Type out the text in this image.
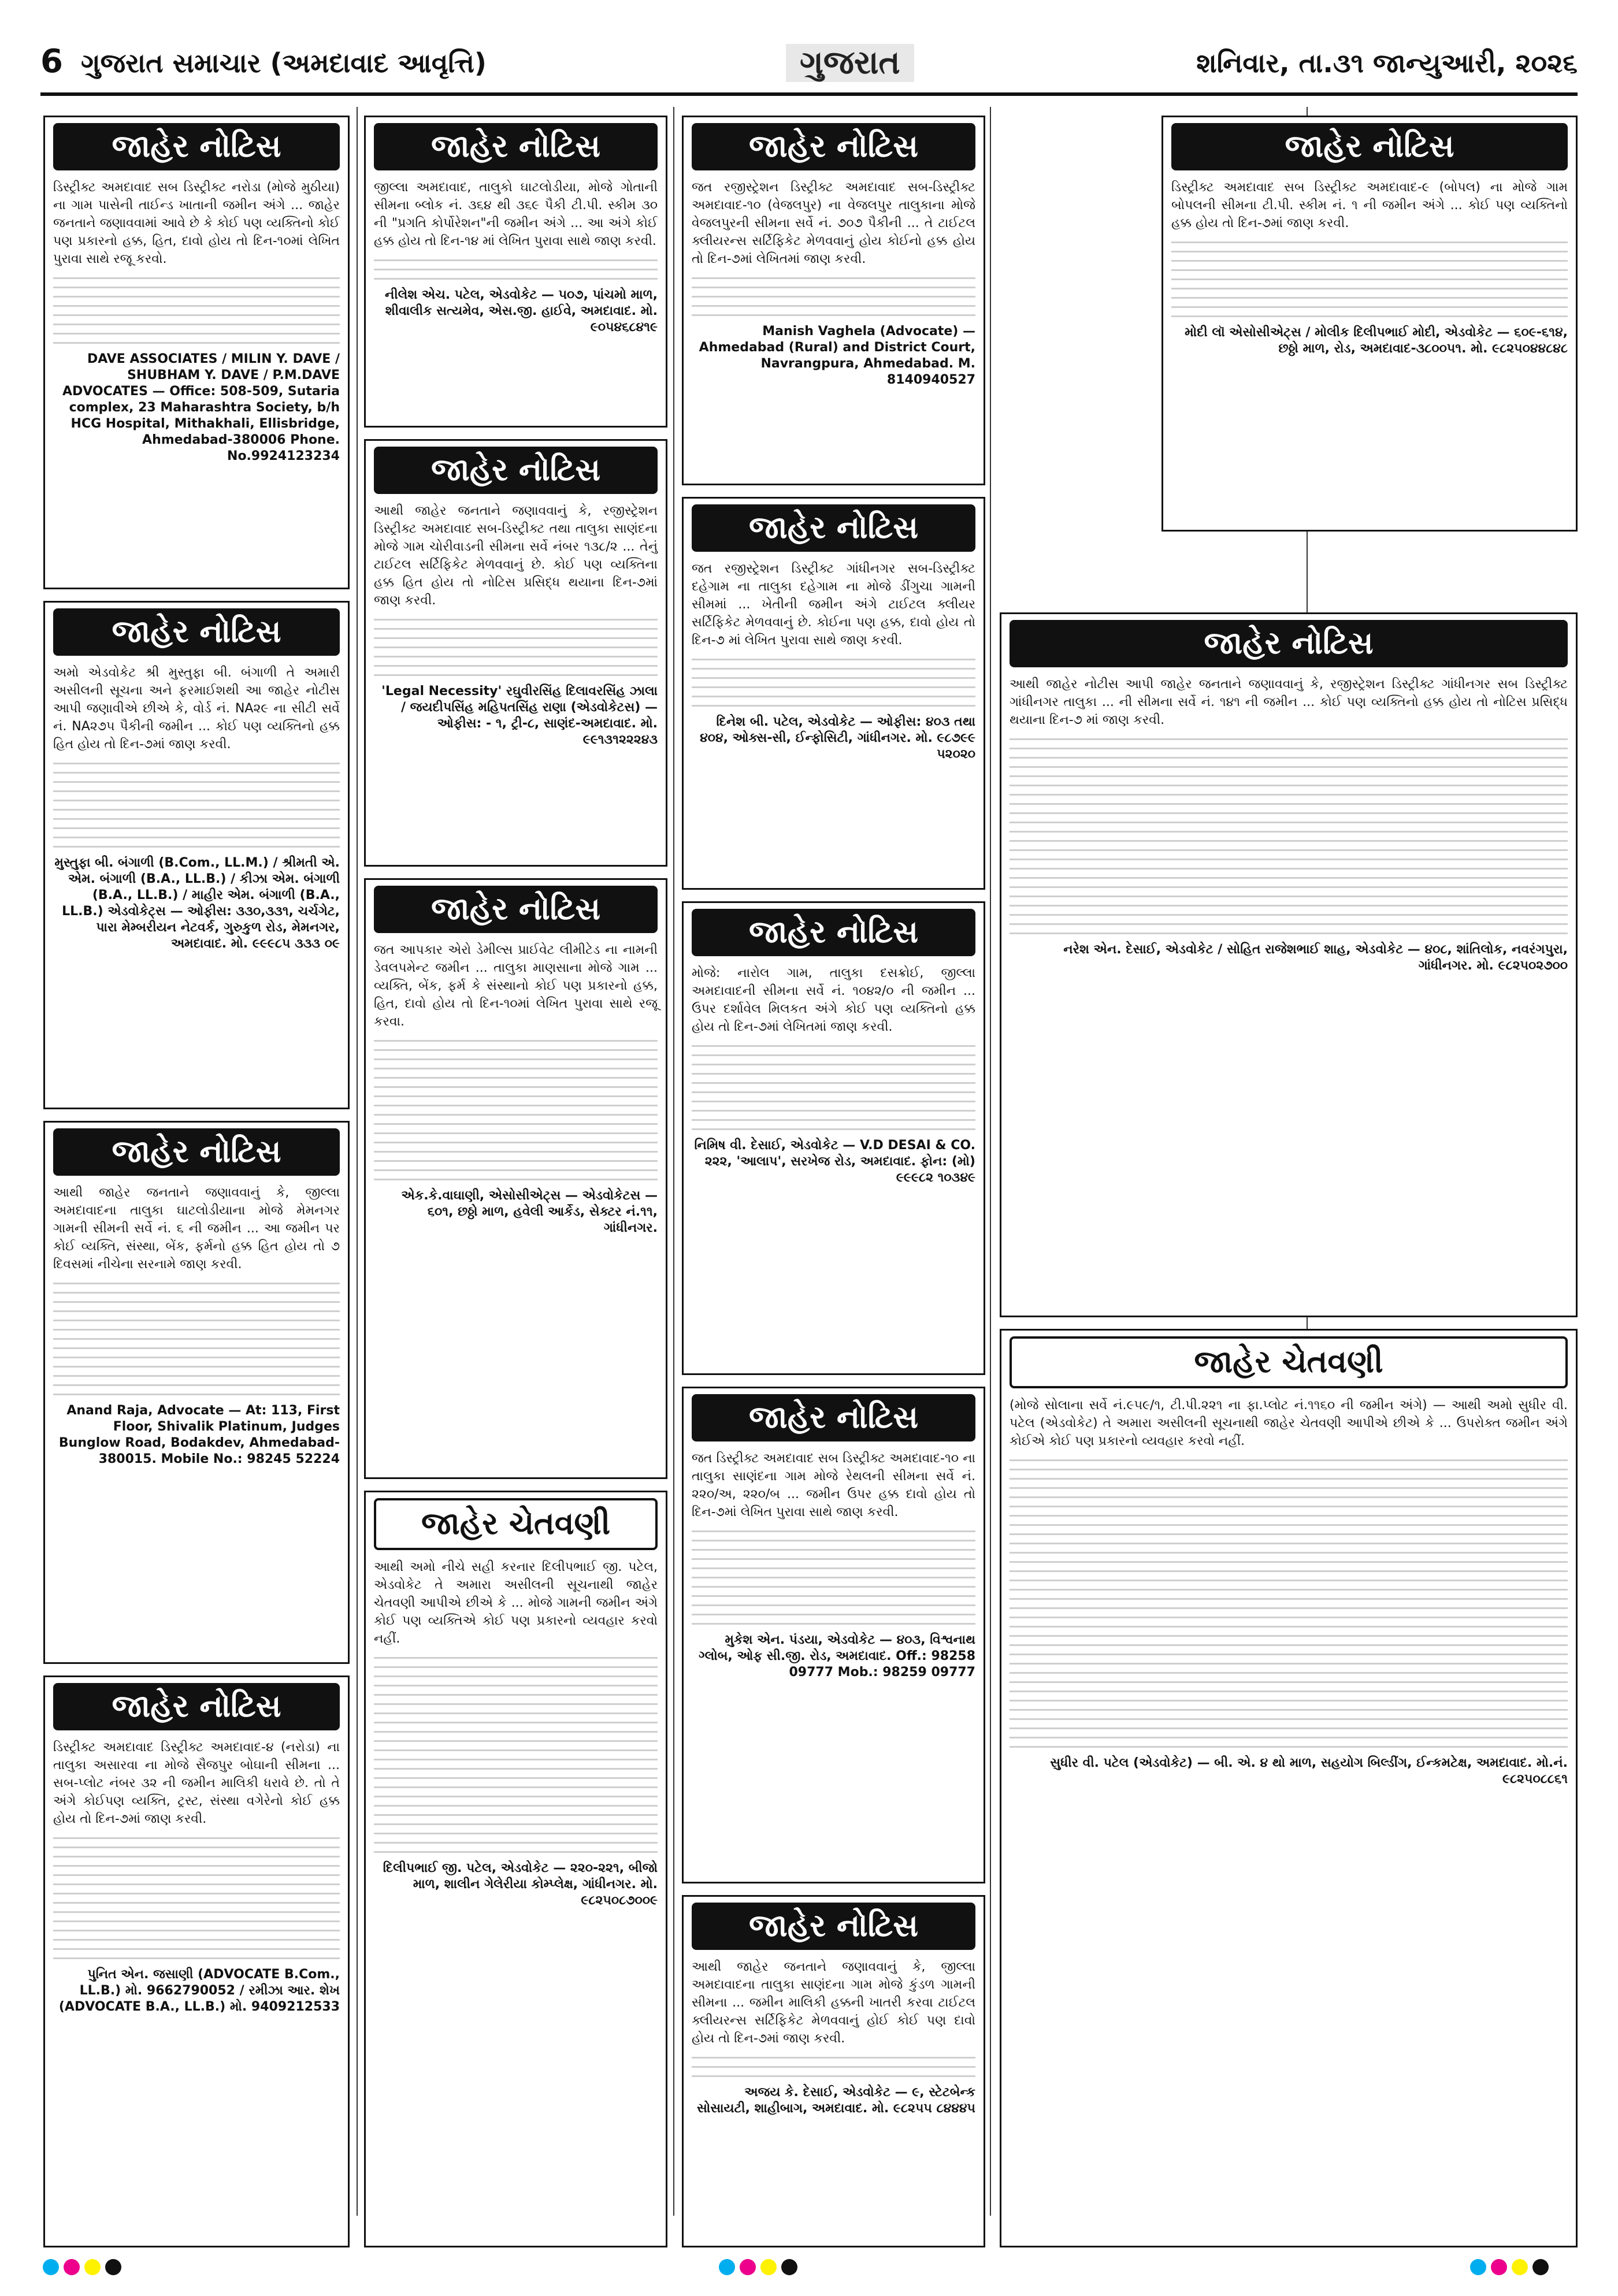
6 ગુજરાત સમાચાર (અમદાવાદ આવૃત્તિ)	ગુજરાત	શનિવાર, તા.૩૧ જાન્યુઆરી, ૨૦૨૬
જાહેર નોટિસ
ડિસ્ટ્રીક્ટ અમદાવાદ સબ ડિસ્ટ્રીક્ટ નરોડા (મોજે મુઠીયા) ના ગામ પાસેની તાઈન્ડ ખાતાની જમીન અંગે ... જાહેર જનતાને જણાવવામાં આવે છે કે કોઈ પણ વ્યક્તિનો કોઈ પણ પ્રકારનો હક્ક, હિત, દાવો હોય તો દિન-૧૦માં લેખિત પુરાવા સાથે રજૂ કરવો.
DAVE ASSOCIATES / MILIN Y. DAVE / SHUBHAM Y. DAVE / P.M.DAVE ADVOCATES — Office: 508-509, Sutaria complex, 23 Maharashtra Society, b/h HCG Hospital, Mithakhali, Ellisbridge, Ahmedabad-380006 Phone. No.9924123234
જાહેર નોટિસ
અમો એડવોકેટ શ્રી મુસ્તુફા બી. બંગાળી તે અમારી અસીલની સૂચના અને ફરમાઈશથી આ જાહેર નોટીસ આપી જણાવીએ છીએ કે, વોર્ડ નં. NA૨૯ ના સીટી સર્વે નં. NA૨૭૫ પૈકીની જમીન ... કોઈ પણ વ્યક્તિનો હક્ક હિત હોય તો દિન-૭માં જાણ કરવી.
મુસ્તુફા બી. બંગાળી (B.Com., LL.M.) / શ્રીમતી એ. એમ. બંગાળી (B.A., LL.B.) / કીઝા એમ. બંગાળી (B.A., LL.B.) / માહીર એમ. બંગાળી (B.A., LL.B.) એડવોકેટ્સ — ઓફીસ: ૩૩૦,૩૩૧, ચર્ચગેટ, પારા મેમ્બરીયન નેટવર્ક, ગુરુકુળ રોડ, મેમનગર, અમદાવાદ. મો. ૯૯૯૮૫ ૩૩૩ ૦૯
જાહેર નોટિસ
આથી જાહેર જનતાને જણાવવાનું કે, જીલ્લા અમદાવાદના તાલુકા ઘાટલોડીયાના મોજે મેમનગર ગામની સીમની સર્વે નં. ૬ ની જમીન ... આ જમીન પર કોઈ વ્યક્તિ, સંસ્થા, બેંક, ફર્મનો હક્ક હિત હોય તો ૭ દિવસમાં નીચેના સરનામે જાણ કરવી.
Anand Raja, Advocate — At: 113, First Floor, Shivalik Platinum, Judges Bunglow Road, Bodakdev, Ahmedabad-380015. Mobile No.: 98245 52224
જાહેર નોટિસ
ડિસ્ટ્રીક્ટ અમદાવાદ ડિસ્ટ્રીક્ટ અમદાવાદ-૪ (નરોડા) ના તાલુકા અસારવા ના મોજે સૈજપુર બોઘાની સીમના ... સબ-પ્લોટ નંબર ૩૨ ની જમીન માલિકી ધરાવે છે. તો તે અંગે કોઈપણ વ્યક્તિ, ટ્રસ્ટ, સંસ્થા વગેરેનો કોઈ હક્ક હોય તો દિન-૭માં જાણ કરવી.
પુનિત એન. જસાણી (ADVOCATE B.Com., LL.B.) મો. 9662790052 / રમીઝા આર. શેખ (ADVOCATE B.A., LL.B.) મો. 9409212533
જાહેર નોટિસ
જીલ્લા અમદાવાદ, તાલુકો ઘાટલોડીયા, મોજે ગોતાની સીમના બ્લોક નં. ૩૬૪ થી ૩૬૯ પૈકી ટી.પી. સ્કીમ ૩૦ ની "પ્રગતિ કોર્પોરેશન"ની જમીન અંગે ... આ અંગે કોઈ હક્ક હોય તો દિન-૧૪ માં લેખિત પુરાવા સાથે જાણ કરવી.
નીલેશ એચ. પટેલ, એડવોકેટ — ૫૦૭, પાંચમો માળ, શીવાલીક સત્યમેવ, એસ.જી. હાઈવે, અમદાવાદ. મો. ૯૦૫૪૬૮૪૧૯
જાહેર નોટિસ
આથી જાહેર જનતાને જણાવવાનું કે, રજીસ્ટ્રેશન ડિસ્ટ્રીક્ટ અમદાવાદ સબ-ડિસ્ટ્રીક્ટ તથા તાલુકા સાણંદના મોજે ગામ ચોરીવાડની સીમના સર્વે નંબર ૧૩૮/૨ ... તેનું ટાઈટલ સર્ટિફિકેટ મેળવવાનું છે. કોઈ પણ વ્યક્તિના હક્ક હિત હોય તો નોટિસ પ્રસિદ્ધ થયાના દિન-૭માં જાણ કરવી.
'Legal Necessity' રઘુવીરસિંહ દિલાવરસિંહ ઝાલા / જયદીપસિંહ મહિપતસિંહ રાણા (એડવોકેટસ) — ઓફીસ: - ૧, ટ્રી-૮, સાણંદ-અમદાવાદ. મો. ૯૯૧૩૧૨૨૨૪૩
જાહેર નોટિસ
જત આપકાર એરો ડેમીલ્સ પ્રાઈવેટ લીમીટેડ ના નામની ડેવલપમેન્ટ જમીન ... તાલુકા માણસાના મોજે ગામ ... વ્યક્તિ, બેંક, ફર્મ કે સંસ્થાનો કોઈ પણ પ્રકારનો હક્ક, હિત, દાવો હોય તો દિન-૧૦માં લેખિત પુરાવા સાથે રજૂ કરવા.
એક.કે.વાઘાણી, એસોસીએટ્સ — એડવોકેટસ — ૬૦૧, છઠ્ઠો માળ, હવેલી આર્કેડ, સેક્ટર નં.૧૧, ગાંધીનગર.
જાહેર ચેતવણી
આથી અમો નીચે સહી કરનાર દિલીપભાઈ જી. પટેલ, એડવોકેટ તે અમારા અસીલની સૂચનાથી જાહેર ચેતવણી આપીએ છીએ કે ... મોજે ગામની જમીન અંગે કોઈ પણ વ્યક્તિએ કોઈ પણ પ્રકારનો વ્યવહાર કરવો નહીં.
દિલીપભાઈ જી. પટેલ, એડવોકેટ — ૨૨૦-૨૨૧, બીજો માળ, શાલીન ગેલેરીયા કોમ્પ્લેક્ષ, ગાંધીનગર. મો. ૯૮૨૫૦૮૭૦૦૯
જાહેર નોટિસ
જત રજીસ્ટ્રેશન ડિસ્ટ્રીક્ટ અમદાવાદ સબ-ડિસ્ટ્રીક્ટ અમદાવાદ-૧૦ (વેજલપુર) ના વેજલપુર તાલુકાના મોજે વેજલપુરની સીમના સર્વે નં. ૭૦૭ પૈકીની ... તે ટાઈટલ ક્લીયરન્સ સર્ટિફિકેટ મેળવવાનું હોય કોઈનો હક્ક હોય તો દિન-૭માં લેખિતમાં જાણ કરવી.
Manish Vaghela (Advocate) — Ahmedabad (Rural) and District Court, Navrangpura, Ahmedabad. M. 8140940527
જાહેર નોટિસ
જત રજીસ્ટ્રેશન ડિસ્ટ્રીક્ટ ગાંધીનગર સબ-ડિસ્ટ્રીક્ટ દહેગામ ના તાલુકા દહેગામ ના મોજે ડીંગુચા ગામની સીમમાં ... ખેતીની જમીન અંગે ટાઈટલ ક્લીયર સર્ટિફિકેટ મેળવવાનું છે. કોઈના પણ હક્ક, દાવો હોય તો દિન-૭ માં લેખિત પુરાવા સાથે જાણ કરવી.
દિનેશ બી. પટેલ, એડવોકેટ — ઓફીસ: ૪૦૩ તથા ૪૦૪, ઓક્સ-સી, ઈન્ફોસિટી, ગાંધીનગર. મો. ૯૮૭૯૯ ૫૨૦૨૦
જાહેર નોટિસ
મોજે: નારોલ ગામ, તાલુકા દસક્રોઈ, જીલ્લા અમદાવાદની સીમના સર્વે નં. ૧૦૪૨/૦ ની જમીન ... ઉપર દર્શાવેલ મિલકત અંગે કોઈ પણ વ્યક્તિનો હક્ક હોય તો દિન-૭માં લેખિતમાં જાણ કરવી.
નિમિષ વી. દેસાઈ, એડવોકેટ — V.D DESAI & CO. ૨૨૨, 'આલાપ', સરખેજ રોડ, અમદાવાદ. ફોન: (મો) ૯૯૯૮૨ ૧૦૩૪૯
જાહેર નોટિસ
જત ડિસ્ટ્રીક્ટ અમદાવાદ સબ ડિસ્ટ્રીક્ટ અમદાવાદ-૧૦ ના તાલુકા સાણંદના ગામ મોજે રેથલની સીમના સર્વે નં. ૨૨૦/અ, ૨૨૦/બ ... જમીન ઉપર હક્ક દાવો હોય તો દિન-૭માં લેખિત પુરાવા સાથે જાણ કરવી.
મુકેશ એન. પંડયા, એડવોકેટ — ૪૦૩, વિશ્વનાથ ગ્લોબ, ઓફ સી.જી. રોડ, અમદાવાદ. Off.: 98258 09777 Mob.: 98259 09777
જાહેર નોટિસ
આથી જાહેર જનતાને જણાવવાનું કે, જીલ્લા અમદાવાદના તાલુકા સાણંદના ગામ મોજે કુંડળ ગામની સીમના ... જમીન માલિકી હક્કની ખાતરી કરવા ટાઈટલ ક્લીયરન્સ સર્ટિફિકેટ મેળવવાનું હોઈ કોઈ પણ દાવો હોય તો દિન-૭માં જાણ કરવી.
અજય કે. દેસાઈ, એડવોકેટ — ૯, સ્ટેટબેન્ક સોસાયટી, શાહીબાગ, અમદાવાદ. મો. ૯૮૨૫૫ ૮૪૪૪૫
જાહેર નોટિસ
ડિસ્ટ્રીક્ટ અમદાવાદ સબ ડિસ્ટ્રીક્ટ અમદાવાદ-૯ (બોપલ) ના મોજે ગામ બોપલની સીમના ટી.પી. સ્કીમ નં. ૧ ની જમીન અંગે ... કોઈ પણ વ્યક્તિનો હક્ક હોય તો દિન-૭માં જાણ કરવી.
મોદી લૉ એસોસીએટ્સ / મોલીક દિલીપભાઈ મોદી, એડવોકેટ — ૬૦૯-૬૧૪, છઠ્ઠો માળ, રોડ, અમદાવાદ-૩૮૦૦૫૧. મો. ૯૮૨૫૦૪૪૮૪૮
જાહેર નોટિસ
આથી જાહેર નોટીસ આપી જાહેર જનતાને જણાવવાનું કે, રજીસ્ટ્રેશન ડિસ્ટ્રીક્ટ ગાંધીનગર સબ ડિસ્ટ્રીક્ટ ગાંધીનગર તાલુકા ... ની સીમના સર્વે નં. ૧૪૧ ની જમીન ... કોઈ પણ વ્યક્તિનો હક્ક હોય તો નોટિસ પ્રસિદ્ધ થયાના દિન-૭ માં જાણ કરવી.
નરેશ એન. દેસાઈ, એડવોકેટ / સોહિત રાજેશભાઈ શાહ, એડવોકેટ — ૪૦૮, શાંતિલોક, નવરંગપુરા, ગાંધીનગર. મો. ૯૮૨૫૦૨૭૦૦
જાહેર ચેતવણી
(મોજે સોલાના સર્વે નં.૯૫૯/૧, ટી.પી.૨૨૧ ના ફા.પ્લોટ નં.૧૧૬૦ ની જમીન અંગે) — આથી અમો સુધીર વી. પટેલ (એડવોકેટ) તે અમારા અસીલની સૂચનાથી જાહેર ચેતવણી આપીએ છીએ કે ... ઉપરોક્ત જમીન અંગે કોઈએ કોઈ પણ પ્રકારનો વ્યવહાર કરવો નહીં.
સુધીર વી. પટેલ (એડવોકેટ) — બી. એ. ૪ થો માળ, સહયોગ બિલ્ડીંગ, ઈન્કમટેક્ષ, અમદાવાદ. મો.નં. ૯૮૨૫૦૮૮૬૧
